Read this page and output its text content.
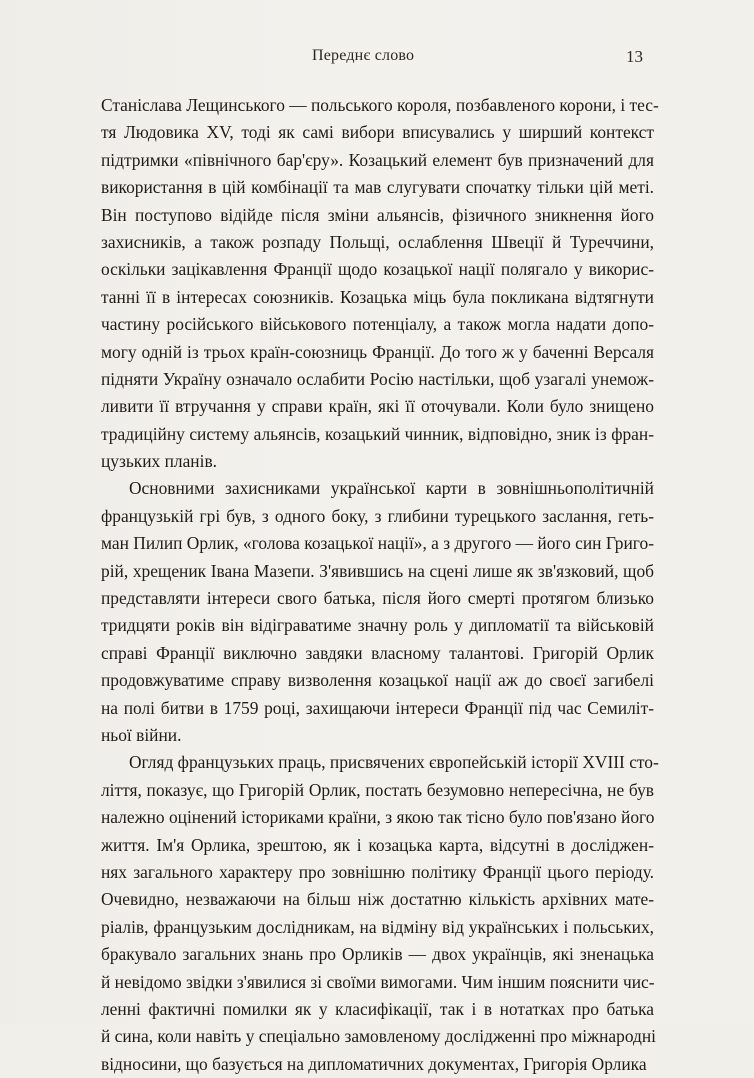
Переднє слово	13
Станіслава Лещинського — польського короля, позбавленого корони, і тес-
тя Людовика XV, тоді як самі вибори вписувались у ширший контекст
підтримки «північного бар'єру». Козацький елемент був призначений для
використання в цій комбінації та мав слугувати спочатку тільки цій меті.
Він поступово відійде після зміни альянсів, фізичного зникнення його
захисників, а також розпаду Польщі, ослаблення Швеції й Туреччини,
оскільки зацікавлення Франції щодо козацької нації полягало у викорис-
танні її в інтересах союзників. Козацька міць була покликана відтягнути
частину російського військового потенціалу, а також могла надати допо-
могу одній із трьох країн-союзниць Франції. До того ж у баченні Версаля
підняти Україну означало ослабити Росію настільки, щоб узагалі унемож-
ливити її втручання у справи країн, які її оточували. Коли було знищено
традиційну систему альянсів, козацький чинник, відповідно, зник із фран-
цузьких планів.
Основними захисниками української карти в зовнішньополітичній
французькій грі був, з одного боку, з глибини турецького заслання, геть-
ман Пилип Орлик, «голова козацької нації», а з другого — його син Григо-
рій, хрещеник Івана Мазепи. З'явившись на сцені лише як зв'язковий, щоб
представляти інтереси свого батька, після його смерті протягом близько
тридцяти років він відіграватиме значну роль у дипломатії та військовій
справі Франції виключно завдяки власному талантові. Григорій Орлик
продовжуватиме справу визволення козацької нації аж до своєї загибелі
на полі битви в 1759 році, захищаючи інтереси Франції під час Семиліт-
ньої війни.
Огляд французьких праць, присвячених європейській історії XVIII сто-
ліття, показує, що Григорій Орлик, постать безумовно непересічна, не був
належно оцінений істориками країни, з якою так тісно було пов'язано його
життя. Ім'я Орлика, зрештою, як і козацька карта, відсутні в досліджен-
нях загального характеру про зовнішню політику Франції цього періоду.
Очевидно, незважаючи на більш ніж достатню кількість архівних мате-
ріалів, французьким дослідникам, на відміну від українських і польських,
бракувало загальних знань про Орликів — двох українців, які зненацька
й невідомо звідки з'явилися зі своїми вимогами. Чим іншим пояснити чис-
ленні фактичні помилки як у класифікації, так і в нотатках про батька
й сина, коли навіть у спеціально замовленому дослідженні про міжнародні
відносини, що базується на дипломатичних документах, Григорія Орлика
